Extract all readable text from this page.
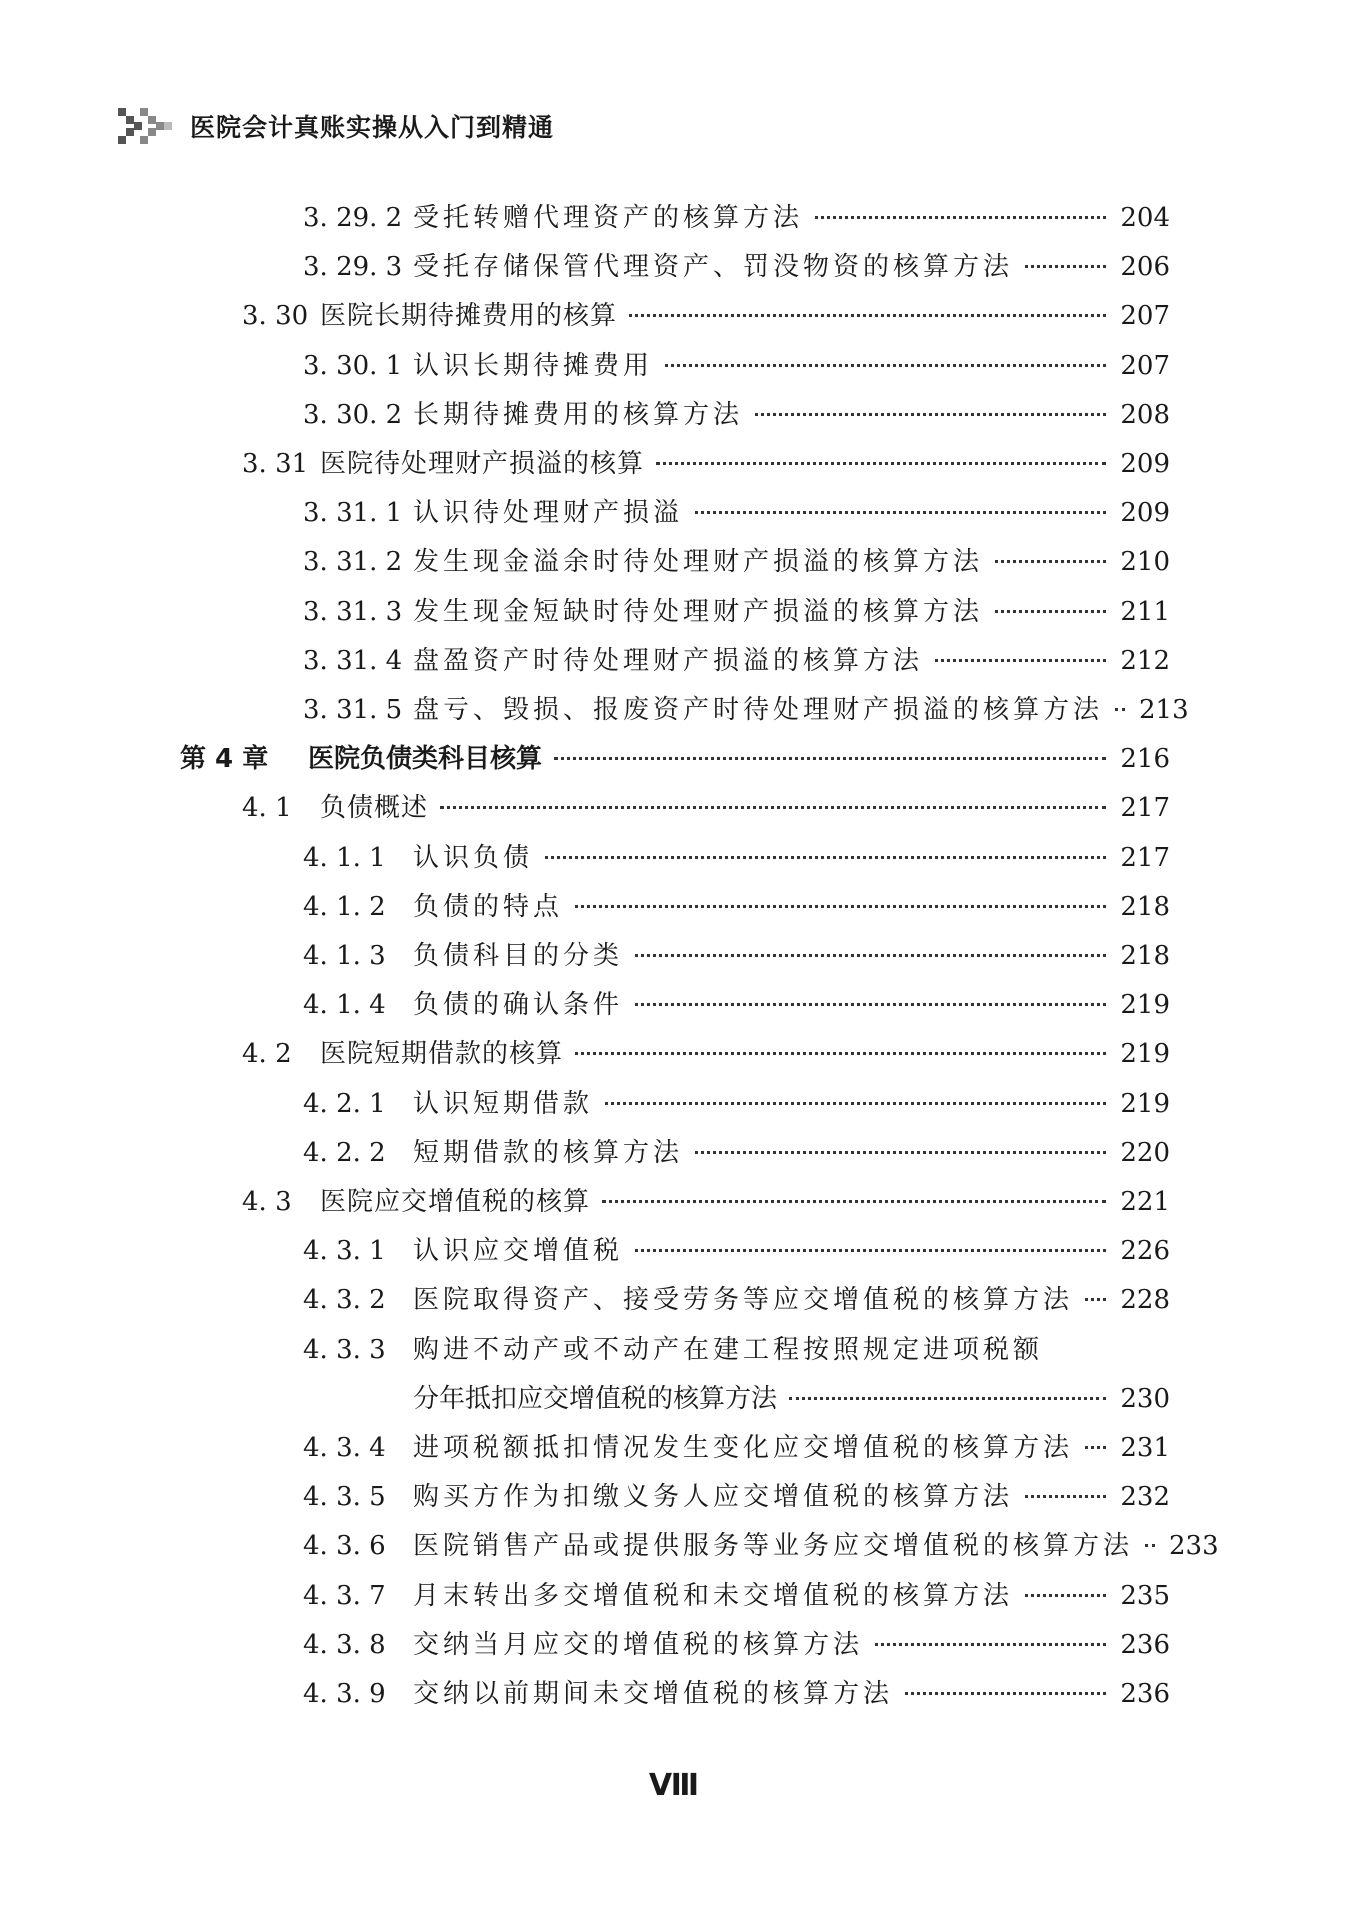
医院会计真账实操从入门到精通
3. 29. 2 受托转赠代理资产的核算方法	204
3. 29. 3 受托存储保管代理资产、罚没物资的核算方法	206
3. 30 医院长期待摊费用的核算	207
3. 30. 1 认识长期待摊费用	207
3. 30. 2 长期待摊费用的核算方法	208
3. 31 医院待处理财产损溢的核算	209
3. 31. 1 认识待处理财产损溢	209
3. 31. 2 发生现金溢余时待处理财产损溢的核算方法	210
3. 31. 3 发生现金短缺时待处理财产损溢的核算方法	211
3. 31. 4 盘盈资产时待处理财产损溢的核算方法	212
3. 31. 5 盘亏、毁损、报废资产时待处理财产损溢的核算方法 213
第 4 章	医院负债类科目核算	216
4. 1	负债概述	217
4. 1. 1	认识负债	217
4. 1. 2	负债的特点	218
4. 1. 3	负债科目的分类	218
4. 1. 4	负债的确认条件	219
4. 2	医院短期借款的核算	219
4. 2. 1	认识短期借款	219
4. 2. 2	短期借款的核算方法	220
4. 3	医院应交增值税的核算	221
4. 3. 1	认识应交增值税	226
4. 3. 2	医院取得资产、接受劳务等应交增值税的核算方法 228
4. 3. 3	购进不动产或不动产在建工程按照规定进项税额
分年抵扣应交增值税的核算方法	230
4. 3. 4	进项税额抵扣情况发生变化应交增值税的核算方法 231
4. 3. 5	购买方作为扣缴义务人应交增值税的核算方法	232
4. 3. 6	医院销售产品或提供服务等业务应交增值税的核算方法 233
4. 3. 7	月末转出多交增值税和未交增值税的核算方法	235
4. 3. 8	交纳当月应交的增值税的核算方法	236
4. 3. 9	交纳以前期间未交增值税的核算方法	236
Ⅷ
